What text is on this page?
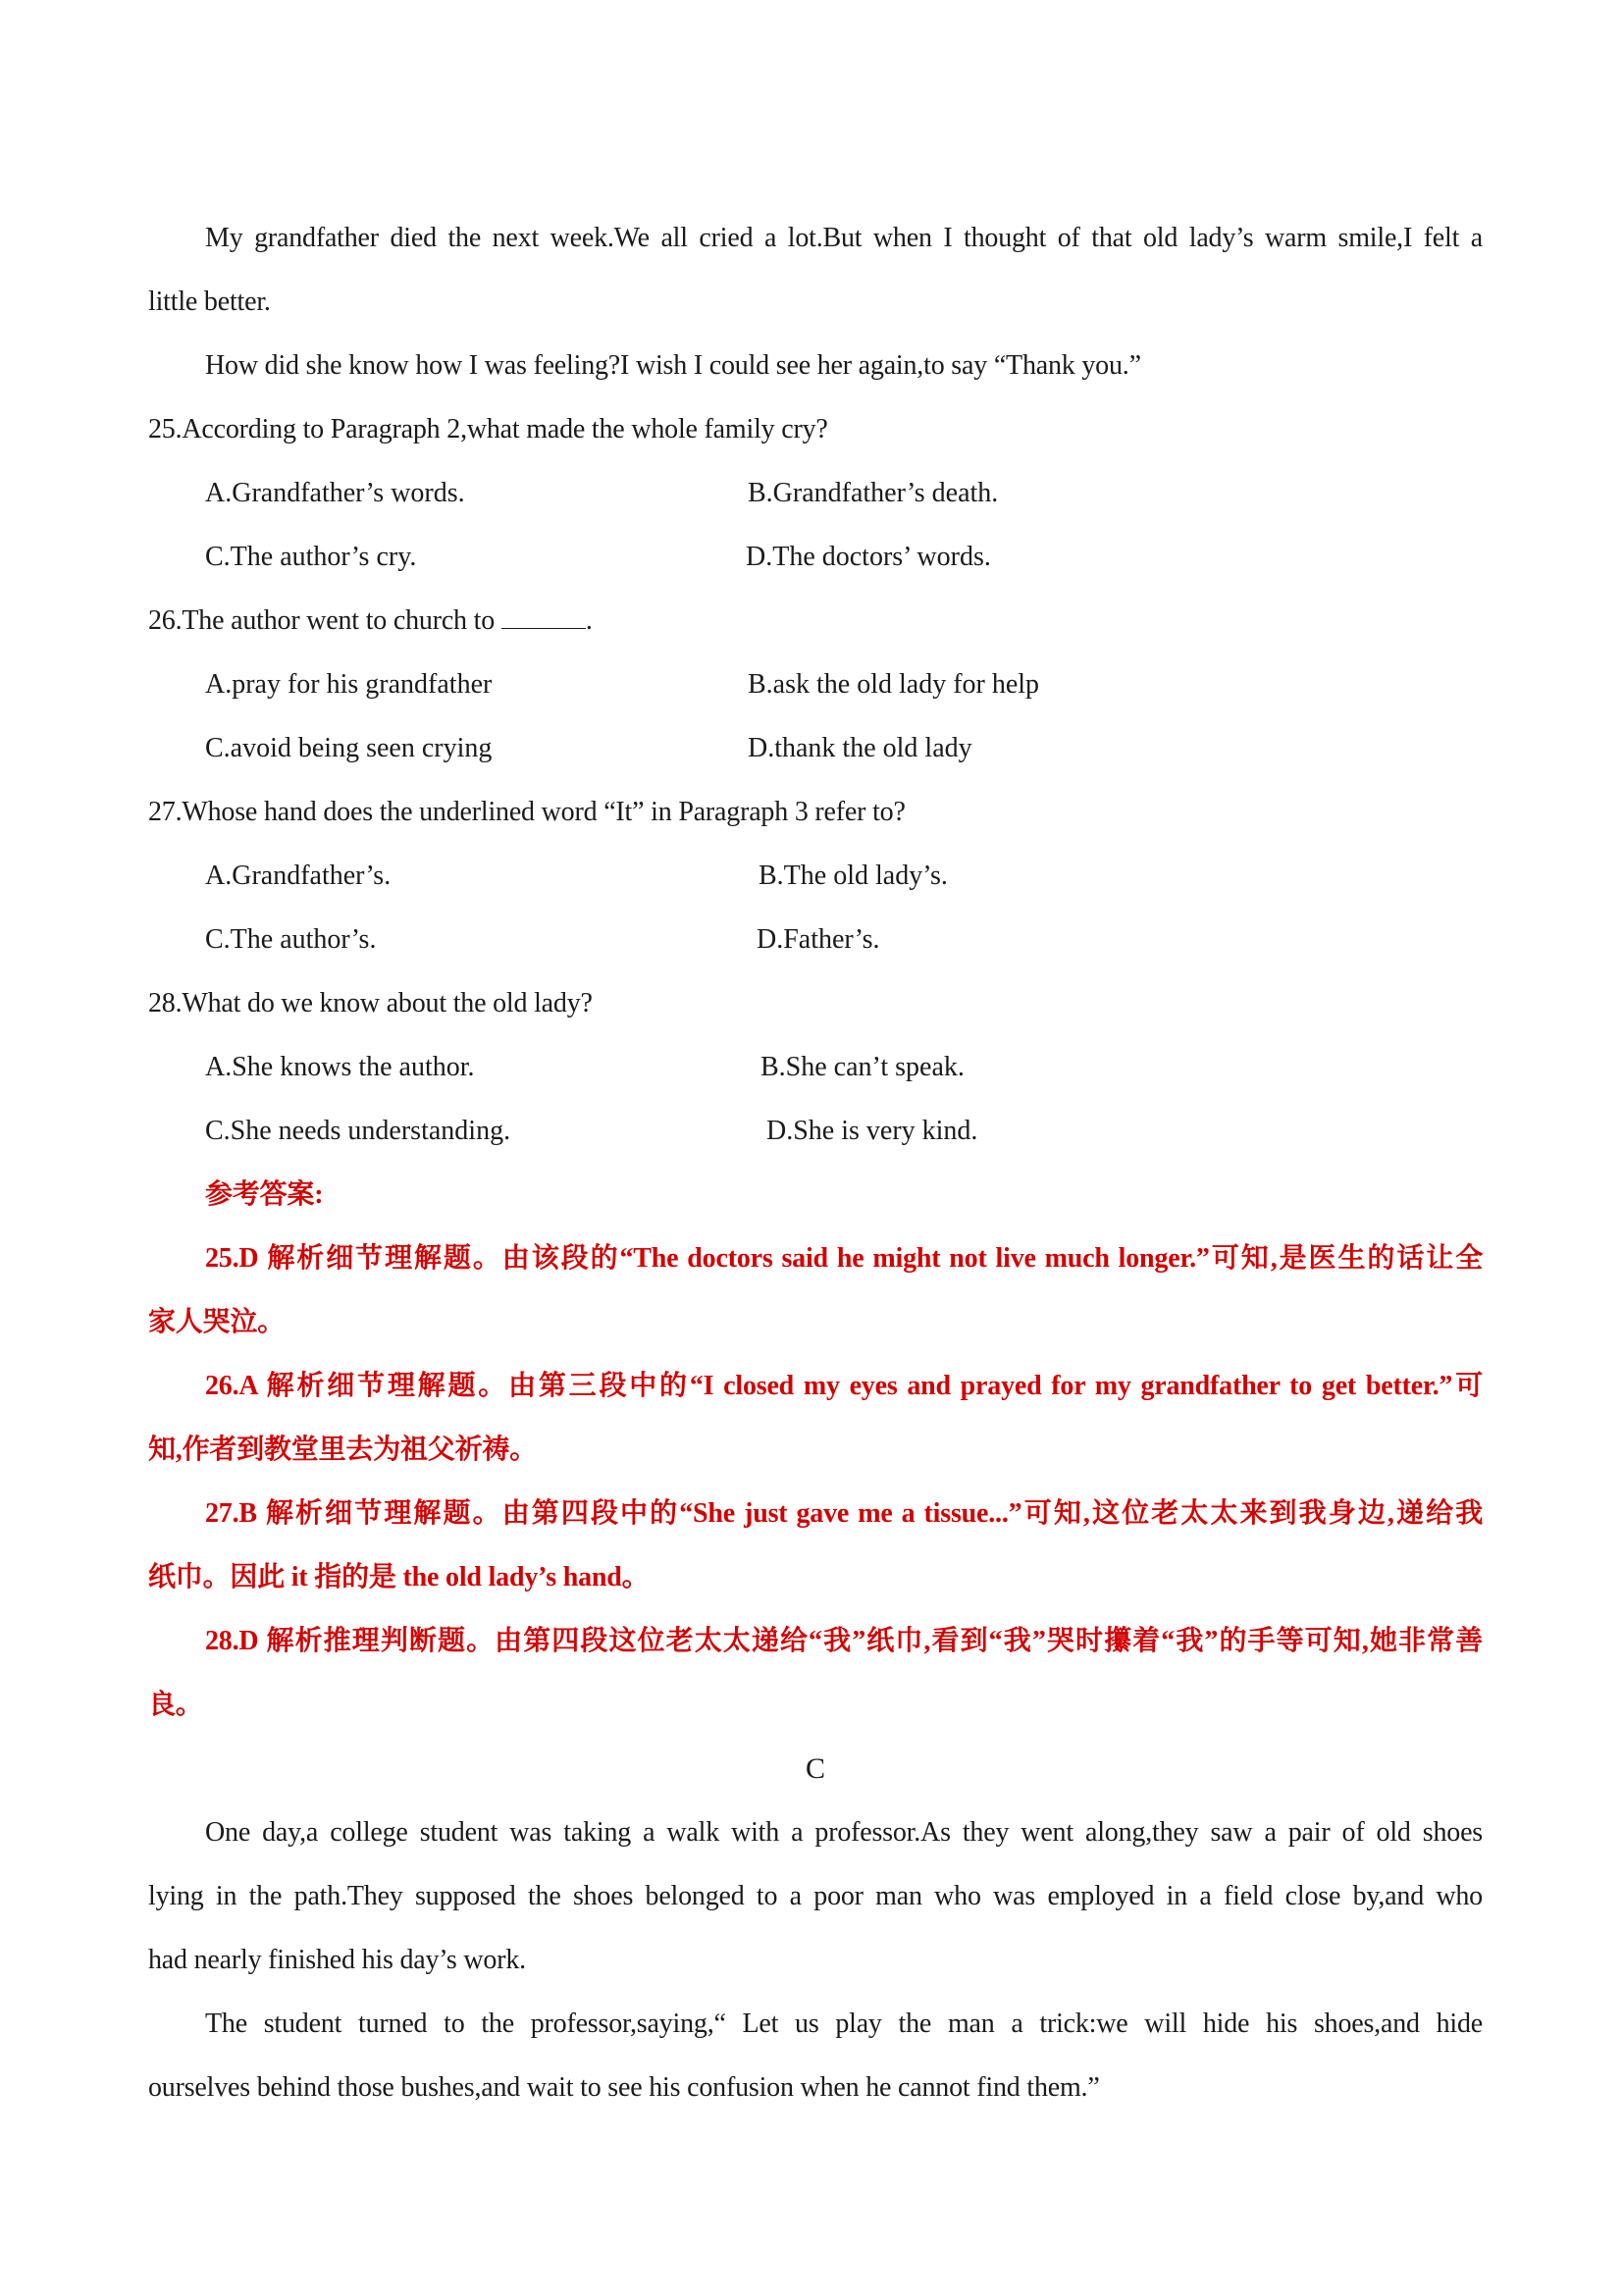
My grandfather died the next week.We all cried a lot.But when I thought of that old lady’s warm smile,I felt a
little better.
How did she know how I was feeling?I wish I could see her again,to say “Thank you.”
25.According to Paragraph 2,what made the whole family cry?
A.Grandfather’s words.	B.Grandfather’s death.
C.The author’s cry.	D.The doctors’ words.
26.The author went to church to	.
A.pray for his grandfather	B.ask the old lady for help
C.avoid being seen crying	D.thank the old lady
27.Whose hand does the underlined word “It” in Paragraph 3 refer to?
A.Grandfather’s.	B.The old lady’s.
C.The author’s.	D.Father’s.
28.What do we know about the old lady?
A.She knows the author.	B.She can’t speak.
C.She needs understanding.	D.She is very kind.
参考答案:
25.D 解析细节理解题。由该段的“The doctors said he might not live much longer.”可知,是医生的话让全
家人哭泣。
26.A 解析细节理解题。由第三段中的“I closed my eyes and prayed for my grandfather to get better.”可
知,作者到教堂里去为祖父祈祷。
27.B 解析细节理解题。由第四段中的“She just gave me a tissue...”可知,这位老太太来到我身边,递给我
纸巾。因此 it 指的是 the old lady’s hand。
28.D 解析推理判断题。由第四段这位老太太递给“我”纸巾,看到“我”哭时攥着“我”的手等可知,她非常善
良。
C
One day,a college student was taking a walk with a professor.As they went along,they saw a pair of old shoes
lying in the path.They supposed the shoes belonged to a poor man who was employed in a field close by,and who
had nearly finished his day’s work.
The student turned to the professor,saying,“ Let us play the man a trick:we will hide his shoes,and hide
ourselves behind those bushes,and wait to see his confusion when he cannot find them.”
